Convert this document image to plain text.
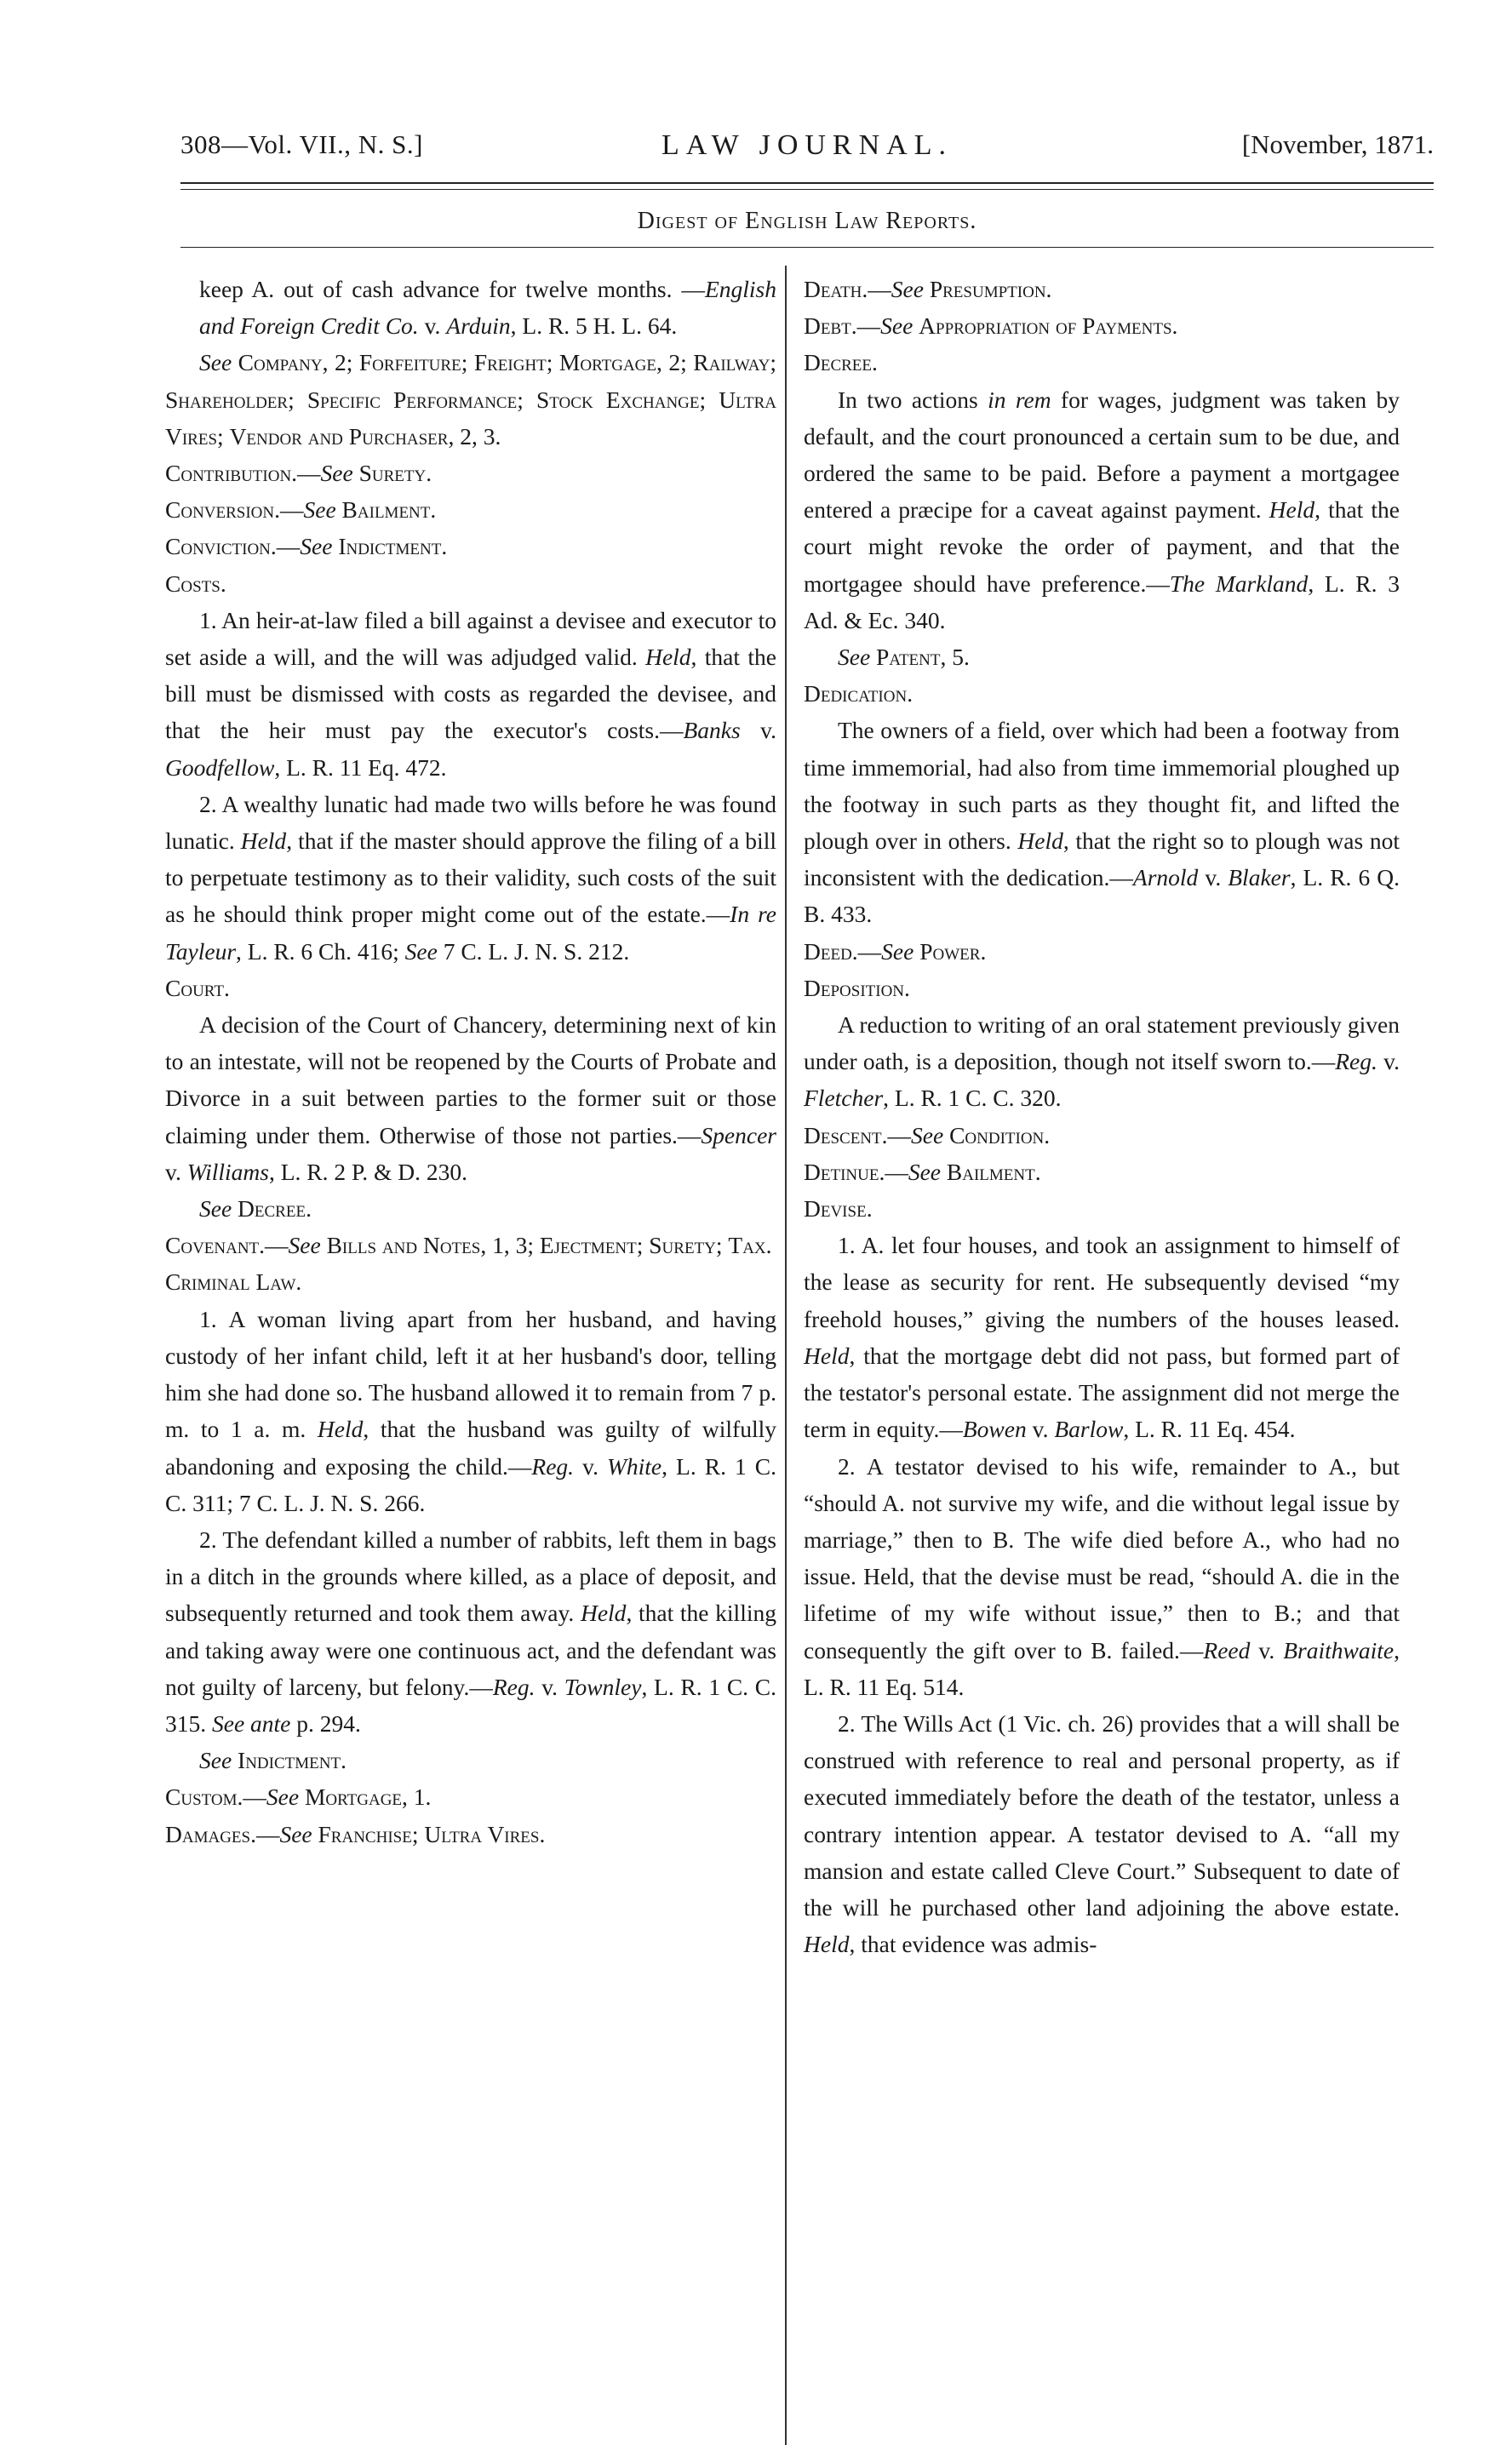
308—Vol. VII., N. S.]	LAW JOURNAL.	[November, 1871.
Digest of English Law Reports.

keep A. out of cash advance for twelve months. —English and Foreign Credit Co. v. Arduin, L. R. 5 H. L. 64.

See Company, 2; Forfeiture; Freight; Mortgage, 2; Railway; Shareholder; Specific Performance; Stock Exchange; Ultra Vires; Vendor and Purchaser, 2, 3.

Contribution.—See Surety.

Conversion.—See Bailment.

Conviction.—See Indictment.

Costs.

1. An heir-at-law filed a bill against a devisee and executor to set aside a will, and the will was adjudged valid. Held, that the bill must be dismissed with costs as regarded the devisee, and that the heir must pay the executor's costs.—Banks v. Goodfellow, L. R. 11 Eq. 472.

2. A wealthy lunatic had made two wills before he was found lunatic. Held, that if the master should approve the filing of a bill to perpetuate testimony as to their validity, such costs of the suit as he should think proper might come out of the estate.—In re Tayleur, L. R. 6 Ch. 416; See 7 C. L. J. N. S. 212.

Court.

A decision of the Court of Chancery, determining next of kin to an intestate, will not be reopened by the Courts of Probate and Divorce in a suit between parties to the former suit or those claiming under them. Otherwise of those not parties.—Spencer v. Williams, L. R. 2 P. & D. 230.

See Decree.

Covenant.—See Bills and Notes, 1, 3; Ejectment; Surety; Tax.

Criminal Law.

1. A woman living apart from her husband, and having custody of her infant child, left it at her husband's door, telling him she had done so. The husband allowed it to remain from 7 p. m. to 1 a. m. Held, that the husband was guilty of wilfully abandoning and exposing the child.—Reg. v. White, L. R. 1 C. C. 311; 7 C. L. J. N. S. 266.

2. The defendant killed a number of rabbits, left them in bags in a ditch in the grounds where killed, as a place of deposit, and subsequently returned and took them away. Held, that the killing and taking away were one continuous act, and the defendant was not guilty of larceny, but felony.—Reg. v. Townley, L. R. 1 C. C. 315. See ante p. 294.

See Indictment.

Custom.—See Mortgage, 1.

Damages.—See Franchise; Ultra Vires.

Death.—See Presumption.

Debt.—See Appropriation of Payments.

Decree.

In two actions in rem for wages, judgment was taken by default, and the court pronounced a certain sum to be due, and ordered the same to be paid. Before a payment a mortgagee entered a præcipe for a caveat against payment. Held, that the court might revoke the order of payment, and that the mortgagee should have preference.—The Markland, L. R. 3 Ad. & Ec. 340.

See Patent, 5.

Dedication.

The owners of a field, over which had been a footway from time immemorial, had also from time immemorial ploughed up the footway in such parts as they thought fit, and lifted the plough over in others. Held, that the right so to plough was not inconsistent with the dedication.—Arnold v. Blaker, L. R. 6 Q. B. 433.

Deed.—See Power.

Deposition.

A reduction to writing of an oral statement previously given under oath, is a deposition, though not itself sworn to.—Reg. v. Fletcher, L. R. 1 C. C. 320.

Descent.—See Condition.

Detinue.—See Bailment.

Devise.

1. A. let four houses, and took an assignment to himself of the lease as security for rent. He subsequently devised “my freehold houses,” giving the numbers of the houses leased. Held, that the mortgage debt did not pass, but formed part of the testator's personal estate. The assignment did not merge the term in equity.—Bowen v. Barlow, L. R. 11 Eq. 454.

2. A testator devised to his wife, remainder to A., but “should A. not survive my wife, and die without legal issue by marriage,” then to B. The wife died before A., who had no issue. Held, that the devise must be read, “should A. die in the lifetime of my wife without issue,” then to B.; and that consequently the gift over to B. failed.—Reed v. Braithwaite, L. R. 11 Eq. 514.

2. The Wills Act (1 Vic. ch. 26) provides that a will shall be construed with reference to real and personal property, as if executed immediately before the death of the testator, unless a contrary intention appear. A testator devised to A. “all my mansion and estate called Cleve Court.” Subsequent to date of the will he purchased other land adjoining the above estate. Held, that evidence was admis-
